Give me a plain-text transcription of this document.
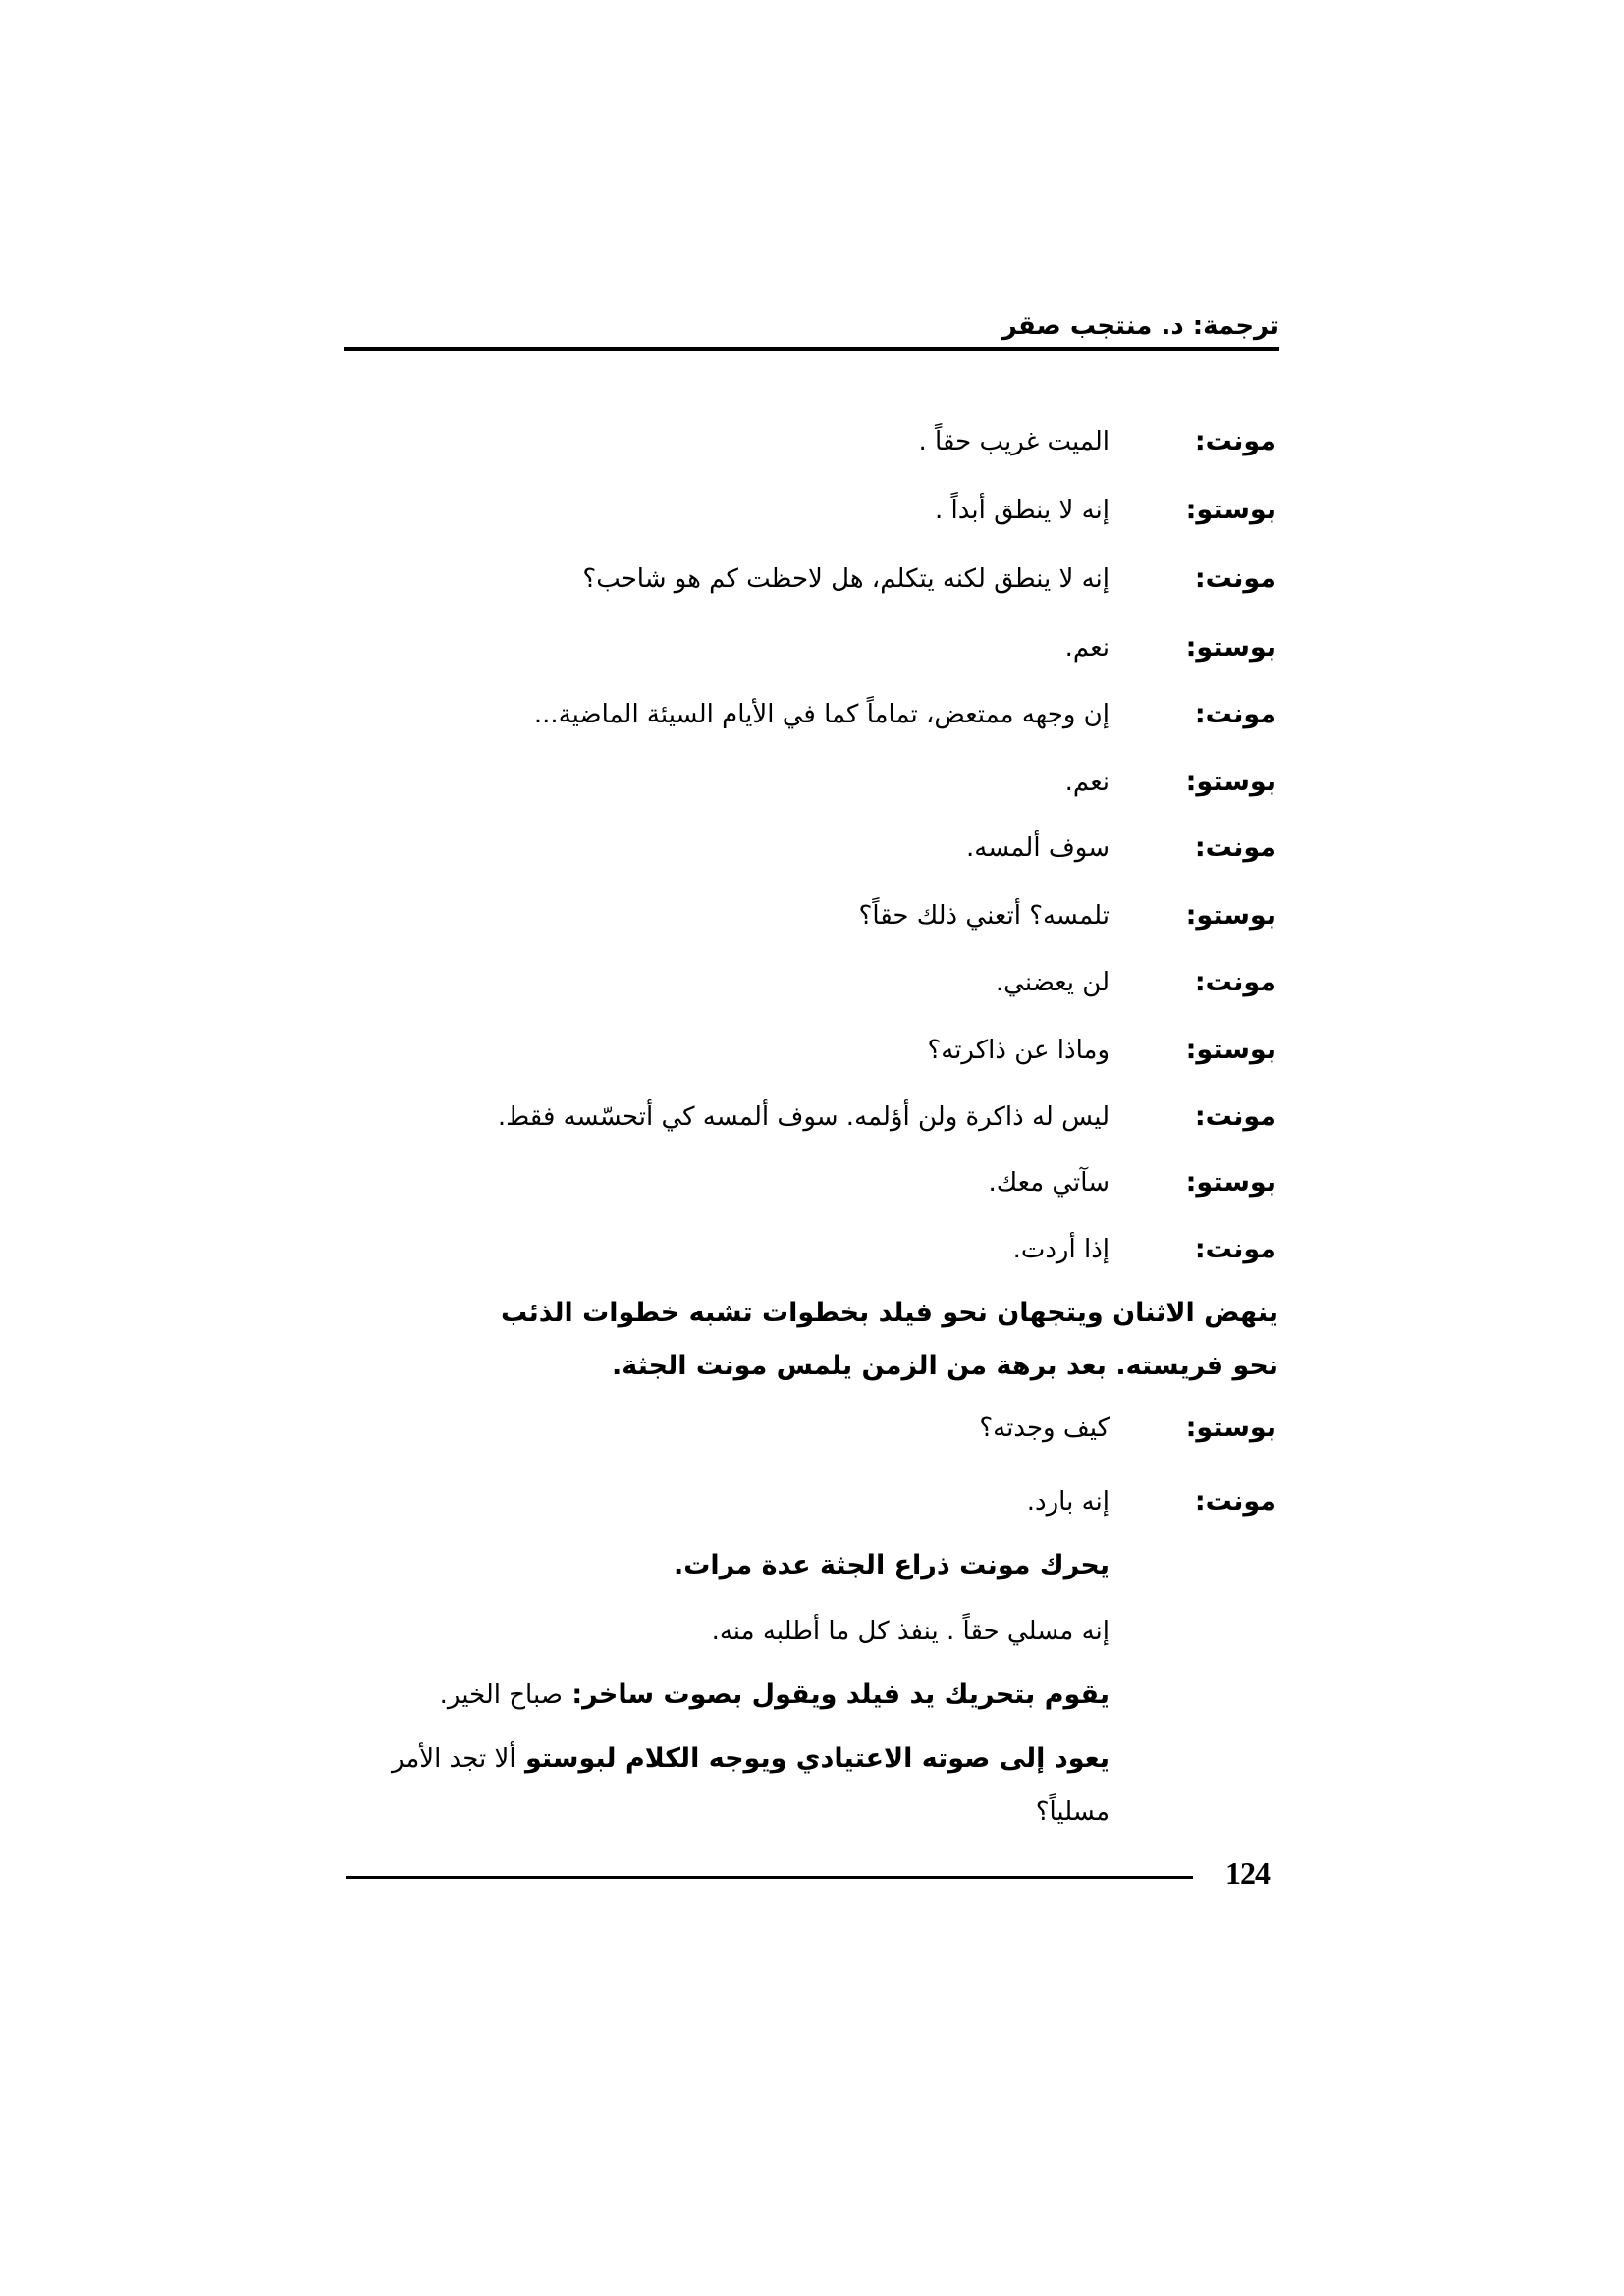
ترجمة: د. منتجب صقر
مونت:
الميت غريب حقاً .
بوستو:
إنه لا ينطق أبداً .
مونت:
إنه لا ينطق لكنه يتكلم، هل لاحظت كم هو شاحب؟
بوستو:
نعم.
مونت:
إن وجهه ممتعض، تماماً كما في الأيام السيئة الماضية...
بوستو:
نعم.
مونت:
سوف ألمسه.
بوستو:
تلمسه؟ أتعني ذلك حقاً؟
مونت:
لن يعضني.
بوستو:
وماذا عن ذاكرته؟
مونت:
ليس له ذاكرة ولن أؤلمه. سوف ألمسه كي أتحسّسه فقط.
بوستو:
سآتي معك.
مونت:
إذا أردت.
ينهض الاثنان ويتجهان نحو فيلد بخطوات تشبه خطوات الذئب
نحو فريسته. بعد برهة من الزمن يلمس مونت الجثة.
بوستو:
كيف وجدته؟
مونت:
إنه بارد.
يحرك مونت ذراع الجثة عدة مرات.
إنه مسلي حقاً . ينفذ كل ما أطلبه منه.
يقوم بتحريك يد فيلد ويقول بصوت ساخر: صباح الخير.
يعود إلى صوته الاعتيادي ويوجه الكلام لبوستو ألا تجد الأمر
مسلياً؟
124
